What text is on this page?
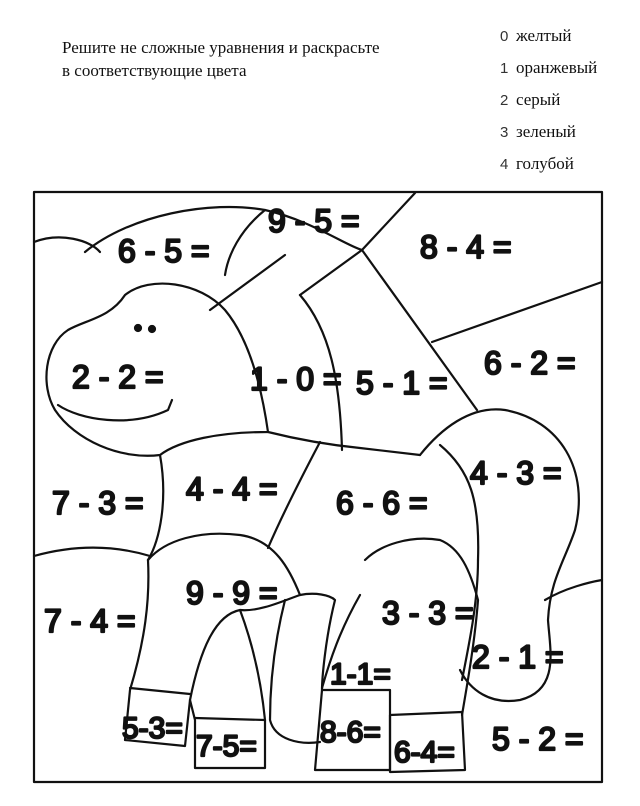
Решите не сложные уравнения и раскрасьте
в соответствующие цвета
0 желтый
1 оранжевый
2 серый
3 зеленый
4 голубой
9 - 5 =
6 - 5 =	8 - 4 =
2 - 2 =	1 - 0 = 5 - 1 =
6 - 2 =
7 - 3 = 4 - 4 = 6 - 6 =
4 - 3 =
7 - 4 =
9 - 9 =
3 - 3 =
2 - 1 =
1-1=
5-3=
7-5= 8-6=
6-4= 5 - 2 =
